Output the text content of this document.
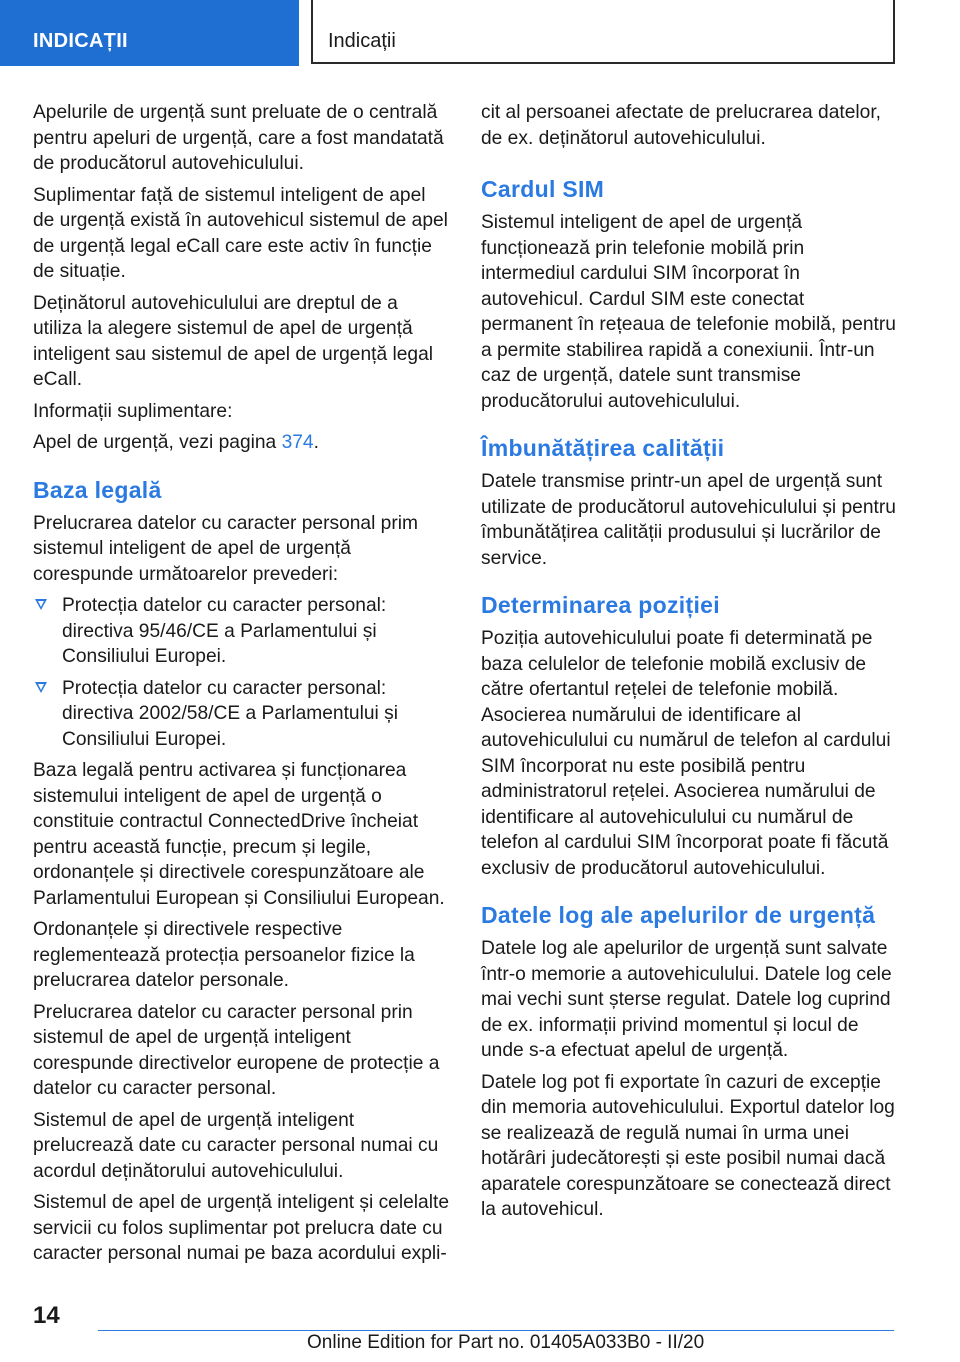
INDICAȚII	Indicații

Apelurile de urgență sunt preluate de o centrală pentru apeluri de urgență, care a fost mandatată de producătorul autovehiculului.

Suplimentar față de sistemul inteligent de apel de urgență există în autovehicul sistemul de apel de urgență legal eCall care este activ în funcție de situație.

Deținătorul autovehiculului are dreptul de a utiliza la alegere sistemul de apel de urgență inteligent sau sistemul de apel de urgență legal eCall.

Informații suplimentare:

Apel de urgență, vezi pagina 374.

Baza legală

Prelucrarea datelor cu caracter personal prim sistemul inteligent de apel de urgență corespunde următoarelor prevederi:

Protecția datelor cu caracter personal: directiva 95/46/CE a Parlamentului și Consiliului Europei.
Protecția datelor cu caracter personal: directiva 2002/58/CE a Parlamentului și Consiliului Europei.

Baza legală pentru activarea și funcționarea sistemului inteligent de apel de urgență o constituie contractul ConnectedDrive încheiat pentru această funcție, precum și legile, ordonanțele și directivele corespunzătoare ale Parlamentului European și Consiliului European.

Ordonanțele și directivele respective reglementează protecția persoanelor fizice la prelucrarea datelor personale.

Prelucrarea datelor cu caracter personal prin sistemul de apel de urgență inteligent corespunde directivelor europene de protecție a datelor cu caracter personal.

Sistemul de apel de urgență inteligent prelucrează date cu caracter personal numai cu acordul deținătorului autovehiculului.

Sistemul de apel de urgență inteligent și celelalte servicii cu folos suplimentar pot prelucra date cu caracter personal numai pe baza acordului expli-

cit al persoanei afectate de prelucrarea datelor, de ex. deținătorul autovehiculului.

Cardul SIM

Sistemul inteligent de apel de urgență funcționează prin telefonie mobilă prin intermediul cardului SIM încorporat în autovehicul. Cardul SIM este conectat permanent în rețeaua de telefonie mobilă, pentru a permite stabilirea rapidă a conexiunii. Într-un caz de urgență, datele sunt transmise producătorului autovehiculului.

Îmbunătățirea calității

Datele transmise printr-un apel de urgență sunt utilizate de producătorul autovehiculului și pentru îmbunătățirea calității produsului și lucrărilor de service.

Determinarea poziției

Poziția autovehiculului poate fi determinată pe baza celulelor de telefonie mobilă exclusiv de către ofertantul rețelei de telefonie mobilă. Asocierea numărului de identificare al autovehiculului cu numărul de telefon al cardului SIM încorporat nu este posibilă pentru administratorul rețelei. Asocierea numărului de identificare al autovehiculului cu numărul de telefon al cardului SIM încorporat poate fi făcută exclusiv de producătorul autovehiculului.

Datele log ale apelurilor de urgență

Datele log ale apelurilor de urgență sunt salvate într-o memorie a autovehiculului. Datele log cele mai vechi sunt șterse regulat. Datele log cuprind de ex. informații privind momentul și locul de unde s-a efectuat apelul de urgență.

Datele log pot fi exportate în cazuri de excepție din memoria autovehiculului. Exportul datelor log se realizează de regulă numai în urma unei hotărâri judecătorești și este posibil numai dacă aparatele corespunzătoare se conectează direct la autovehicul.

14
Online Edition for Part no. 01405A033B0 - II/20
